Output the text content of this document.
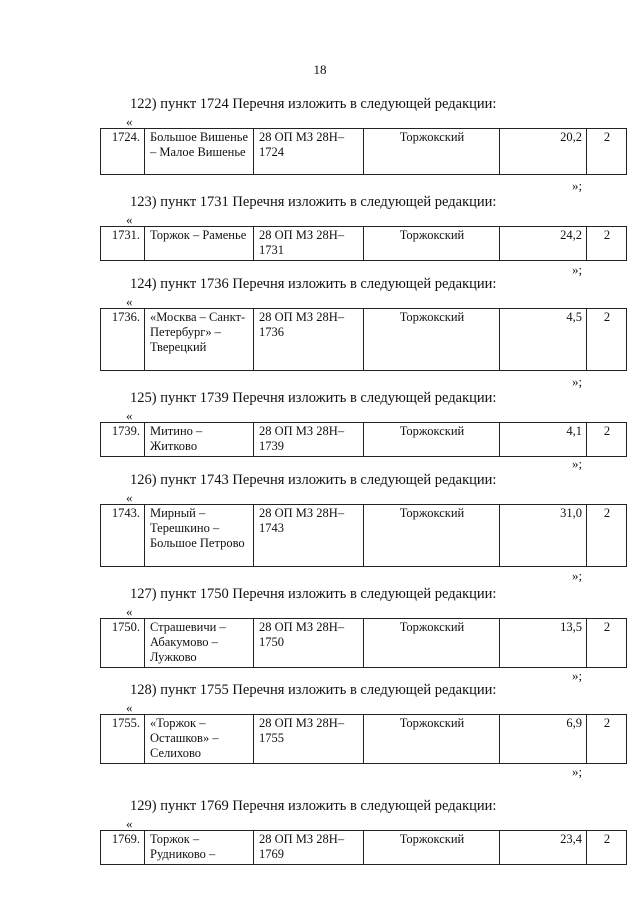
18
122) пункт 1724 Перечня изложить в следующей редакции:
«
1724.	Большое Вишенье – Малое Вишенье	28 ОП МЗ 28Н–1724	Торжокский	20,2	2
»;
123) пункт 1731 Перечня изложить в следующей редакции:
«
1731.	Торжок – Раменье	28 ОП МЗ 28Н–1731	Торжокский	24,2	2
»;
124) пункт 1736 Перечня изложить в следующей редакции:
«
1736.	«Москва – Санкт-Петербург» – Тверецкий	28 ОП МЗ 28Н–1736	Торжокский	4,5	2
»;
125) пункт 1739 Перечня изложить в следующей редакции:
«
1739.	Митино – Житково	28 ОП МЗ 28Н–1739	Торжокский	4,1	2
»;
126) пункт 1743 Перечня изложить в следующей редакции:
«
1743.	Мирный – Терешкино – Большое Петрово	28 ОП МЗ 28Н–1743	Торжокский	31,0	2
»;
127) пункт 1750 Перечня изложить в следующей редакции:
«
1750.	Страшевичи – Абакумово – Лужково	28 ОП МЗ 28Н–1750	Торжокский	13,5	2
»;
128) пункт 1755 Перечня изложить в следующей редакции:
«
1755.	«Торжок – Осташков» – Селихово	28 ОП МЗ 28Н–1755	Торжокский	6,9	2
»;
129) пункт 1769 Перечня изложить в следующей редакции:
«
1769.	Торжок – Рудниково –	28 ОП МЗ 28Н–1769	Торжокский	23,4	2
